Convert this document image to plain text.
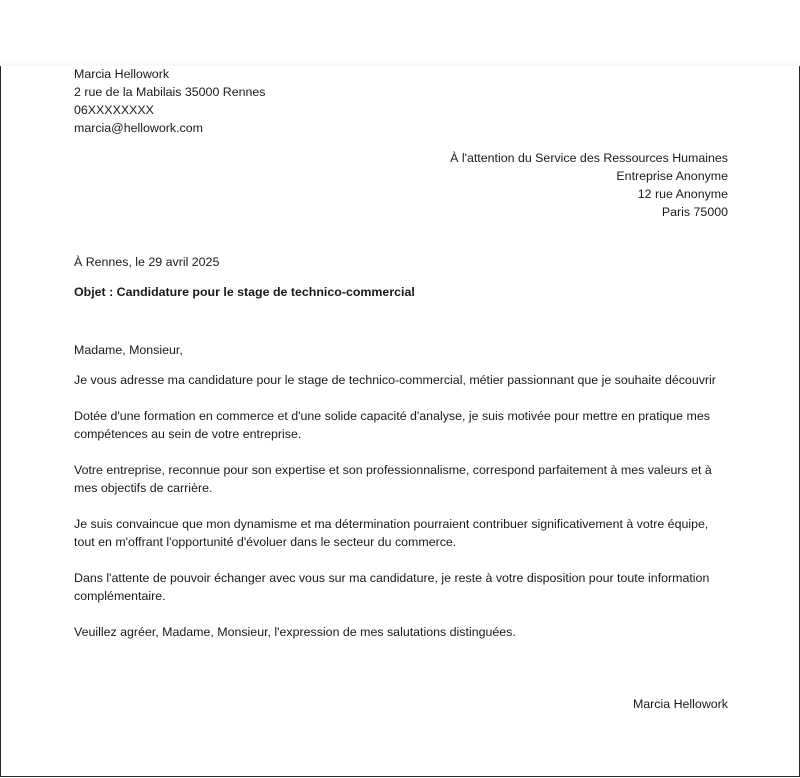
Marcia Hellowork
2 rue de la Mabilais 35000 Rennes
06XXXXXXXX
marcia@hellowork.com
À l'attention du Service des Ressources Humaines
Entreprise Anonyme
12 rue Anonyme
Paris 75000
À Rennes, le 29 avril 2025
Objet : Candidature pour le stage de technico-commercial
Madame, Monsieur,

Je vous adresse ma candidature pour le stage de technico-commercial, métier passionnant que je souhaite découvrir

Dotée d'une formation en commerce et d'une solide capacité d'analyse, je suis motivée pour mettre en pratique mes compétences au sein de votre entreprise.

Votre entreprise, reconnue pour son expertise et son professionnalisme, correspond parfaitement à mes valeurs et à mes objectifs de carrière.

Je suis convaincue que mon dynamisme et ma détermination pourraient contribuer significativement à votre équipe, tout en m'offrant l'opportunité d'évoluer dans le secteur du commerce.

Dans l'attente de pouvoir échanger avec vous sur ma candidature, je reste à votre disposition pour toute information complémentaire.

Veuillez agréer, Madame, Monsieur, l'expression de mes salutations distinguées.

Marcia Hellowork
